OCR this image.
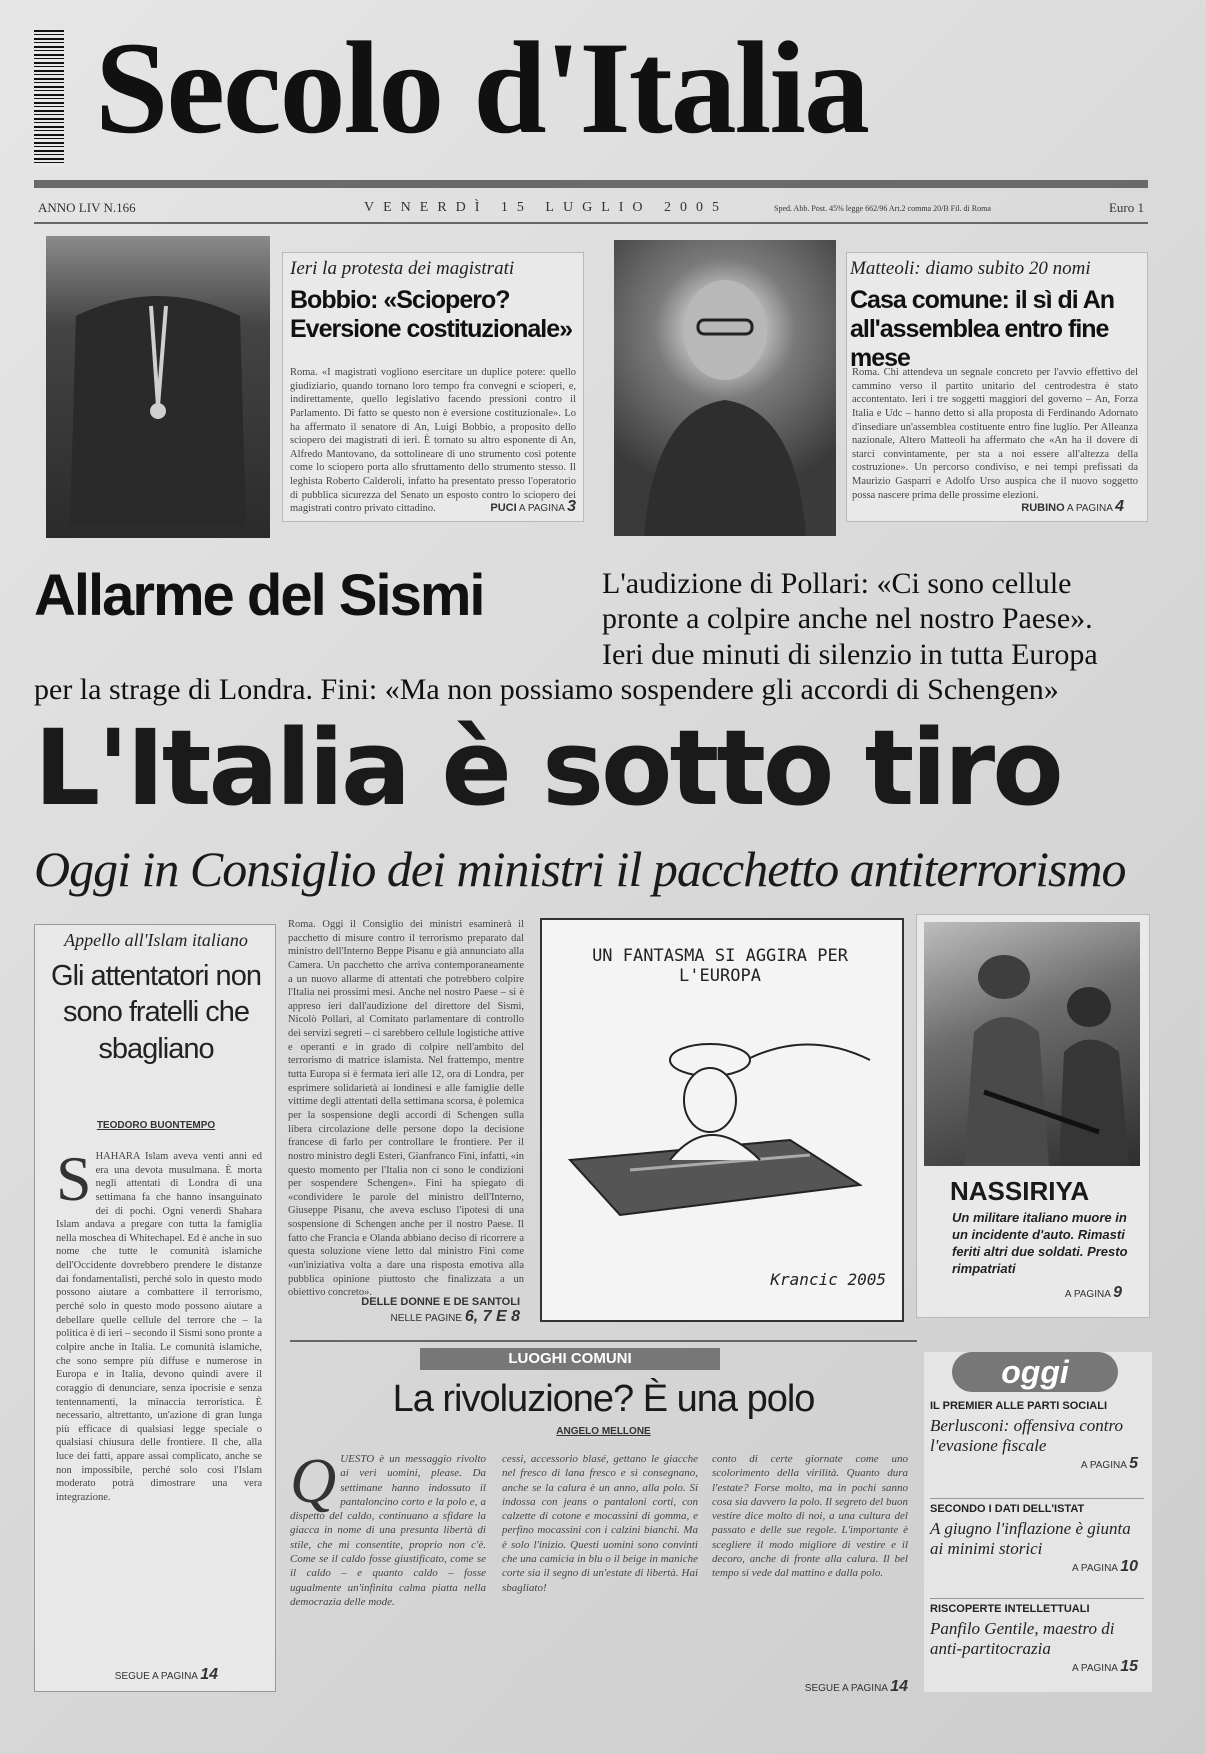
Secolo d'Italia
ANNO LIV N.166	VENERDÌ 15 LUGLIO 2005	Sped. Abb. Post. 45% legge 662/96 Art.2 comma 20/B Fil. di Roma	Euro 1
Ieri la protesta dei magistrati
Bobbio: «Sciopero?
Eversione costituzionale»
Roma. «I magistrati vogliono esercitare un duplice potere: quello giudiziario, quando tornano loro tempo fra convegni e scioperi, e, indirettamente, quello legislativo facendo pressioni contro il Parlamento. Di fatto se questo non è eversione costituzionale». Lo ha affermato il senatore di An, Luigi Bobbio, a proposito dello sciopero dei magistrati di ieri. È tornato su altro esponente di An, Alfredo Mantovano, da sottolineare di uno strumento così potente come lo sciopero porta allo sfruttamento dello strumento stesso. Il leghista Roberto Calderoli, infatto ha presentato presso l'operatorio di pubblica sicurezza del Senato un esposto contro lo sciopero dei magistrati contro privato cittadino.	PUCI A PAGINA 3
Matteoli: diamo subito 20 nomi
Casa comune: il sì di An
all'assemblea entro fine mese
Roma. Chi attendeva un segnale concreto per l'avvio effettivo del cammino verso il partito unitario del centrodestra è stato accontentato. Ieri i tre soggetti maggiori del governo – An, Forza Italia e Udc – hanno detto sì alla proposta di Ferdinando Adornato d'insediare un'assemblea costituente entro fine luglio. Per Alleanza nazionale, Altero Matteoli ha affermato che «An ha il dovere di starci convintamente, per sta a noi essere all'altezza della costruzione». Un percorso condiviso, e nei tempi prefissati da Maurizio Gasparri e Adolfo Urso auspica che il nuovo soggetto possa nascere prima delle prossime elezioni.
RUBINO A PAGINA 4
Allarme del Sismi	L'audizione di Pollari: «Ci sono cellule
pronte a colpire anche nel nostro Paese».
Ieri due minuti di silenzio in tutta Europa
per la strage di Londra. Fini: «Ma non possiamo sospendere gli accordi di Schengen»
L'Italia è sotto tiro
Oggi in Consiglio dei ministri il pacchetto antiterrorismo
Appello all'Islam italiano
Gli attentatori non sono fratelli che sbagliano
TEODORO BUONTEMPO
SHAHARA Islam aveva venti anni ed era una devota musulmana. È morta negli attentati di Londra di una settimana fa che hanno insanguinato dei di pochi. Ogni venerdì Shahara Islam andava a pregare con tutta la famiglia nella moschea di Whitechapel. Ed è anche in suo nome che tutte le comunità islamiche dell'Occidente dovrebbero prendere le distanze dai fondamentalisti, perché solo in questo modo possono aiutare a combattere il terrorismo, perché solo in questo modo possono aiutare a debellare quelle cellule del terrore che – la politica è di ieri – secondo il Sismi sono pronte a colpire anche in Italia. Le comunità islamiche, che sono sempre più diffuse e numerose in Europa e in Italia, devono quindi avere il coraggio di denunciare, senza ipocrisie e senza tentennamenti, la minaccia terroristica. È necessario, altrettanto, un'azione di gran lunga più efficace di qualsiasi legge speciale o qualsiasi chiusura delle frontiere. Il che, alla luce dei fatti, appare assai complicato, anche se non impossibile, perché solo così l'Islam moderato potrà dimostrare una vera integrazione.
SEGUE A PAGINA 14
Roma. Oggi il Consiglio dei ministri esaminerà il pacchetto di misure contro il terrorismo preparato dal ministro dell'Interno Beppe Pisanu e già annunciato alla Camera. Un pacchetto che arriva contemporaneamente a un nuovo allarme di attentati che potrebbero colpire l'Italia nei prossimi mesi. Anche nel nostro Paese – si è appreso ieri dall'audizione del direttore del Sismi, Nicolò Pollari, al Comitato parlamentare di controllo dei servizi segreti – ci sarebbero cellule logistiche attive e operanti e in grado di colpire nell'ambito del terrorismo di matrice islamista. Nel frattempo, mentre tutta Europa si è fermata ieri alle 12, ora di Londra, per esprimere solidarietà ai londinesi e alle famiglie delle vittime degli attentati della settimana scorsa, è polemica per la sospensione degli accordi di Schengen sulla libera circolazione delle persone dopo la decisione francese di farlo per controllare le frontiere. Per il nostro ministro degli Esteri, Gianfranco Fini, infatti, «in questo momento per l'Italia non ci sono le condizioni per sospendere Schengen». Fini ha spiegato di «condividere le parole del ministro dell'Interno, Giuseppe Pisanu, che aveva escluso l'ipotesi di una sospensione di Schengen anche per il nostro Paese. Il fatto che Francia e Olanda abbiano deciso di ricorrere a questa soluzione viene letto dal ministro Fini come «un'iniziativa volta a dare una risposta emotiva alla pubblica opinione piuttosto che finalizzata a un obiettivo concreto».
DELLE DONNE E DE SANTOLI
NELLE PAGINE 6, 7 E 8
UN FANTASMA SI AGGIRA PER L'EUROPA
Krancic 2005
NASSIRIYA
Un militare italiano muore in un incidente d'auto. Rimasti feriti altri due soldati. Presto rimpatriati
A PAGINA 9
LUOGHI COMUNI
La rivoluzione? È una polo
ANGELO MELLONE
QUESTO è un messaggio rivolto ai veri uomini, please. Da settimane hanno indossato il pantaloncino corto e la polo e, a dispetto del caldo, continuano a sfidare la giacca in nome di una presunta libertà di stile, che mi consentite, proprio non c'è. Come se il caldo fosse giustificato, come se il caldo – e quanto caldo – fosse ugualmente un'infinita calma piatta nella democrazia delle mode.
cessi, accessorio blasé, gettano le giacche nel fresco di lana fresco e si consegnano, anche se la calura è un anno, alla polo. Si indossa con jeans o pantaloni corti, con calzette di cotone e mocassini di gomma, e perfino mocassini con i calzini bianchi. Ma è solo l'inizio. Questi uomini sono convinti che una camicia in blu o il beige in maniche corte sia il segno di un'estate di libertà. Hai sbagliato!
conto di certe giornate come uno scolorimento della virilità. Quanto dura l'estate? Forse molto, ma in pochi sanno cosa sia davvero la polo. Il segreto del buon vestire dice molto di noi, a una cultura del passato e delle sue regole. L'importante è scegliere il modo migliore di vestire e il decoro, anche di fronte alla calura. Il bel tempo si vede dal mattino e dalla polo.
SEGUE A PAGINA 14
oggi
IL PREMIER ALLE PARTI SOCIALI
Berlusconi: offensiva contro l'evasione fiscale
A PAGINA 5
SECONDO I DATI DELL'ISTAT
A giugno l'inflazione è giunta ai minimi storici
A PAGINA 10
RISCOPERTE INTELLETTUALI
Panfilo Gentile, maestro di anti-partitocrazia
A PAGINA 15
